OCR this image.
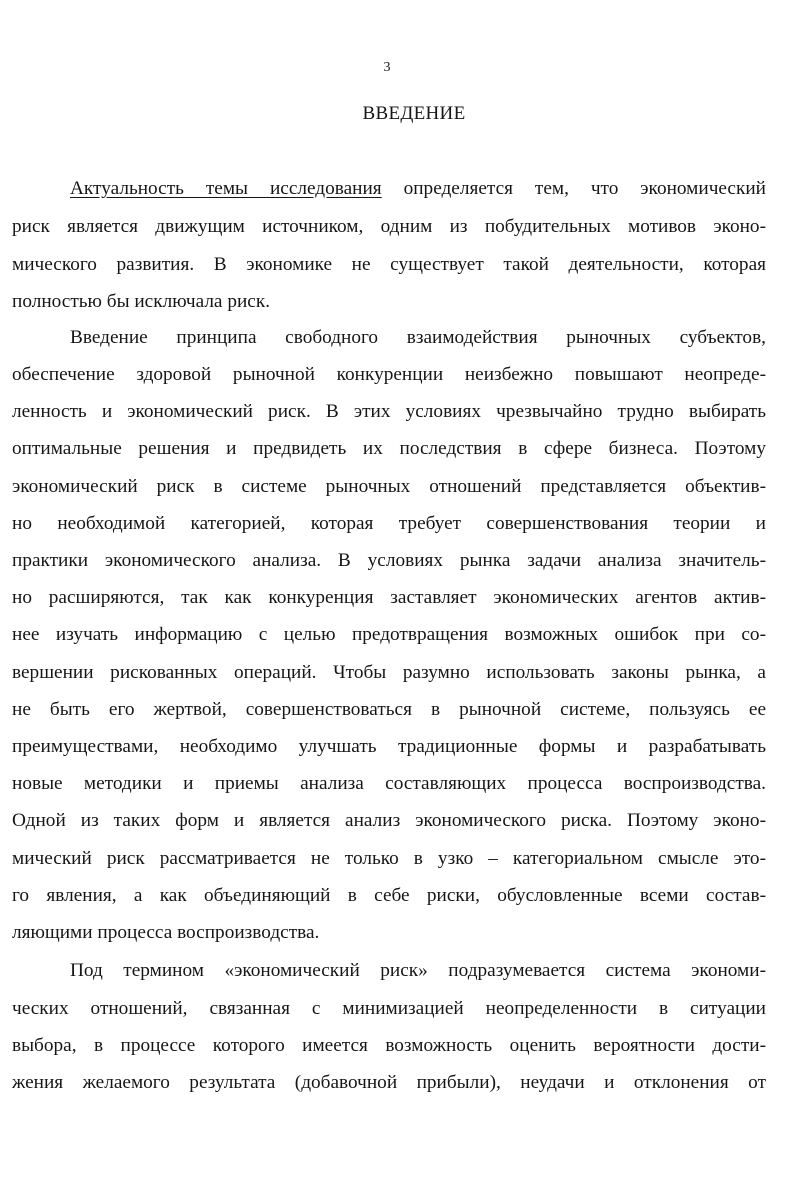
3
ВВЕДЕНИЕ
Актуальность темы исследования определяется тем, что экономический
риск является движущим источником, одним из побудительных мотивов эконо-
мического развития. В экономике не существует такой деятельности, которая
полностью бы исключала риск.
Введение принципа свободного взаимодействия рыночных субъектов,
обеспечение здоровой рыночной конкуренции неизбежно повышают неопреде-
ленность и экономический риск. В этих условиях чрезвычайно трудно выбирать
оптимальные решения и предвидеть их последствия в сфере бизнеса. Поэтому
экономический риск в системе рыночных отношений представляется объектив-
но необходимой категорией, которая требует совершенствования теории и
практики экономического анализа. В условиях рынка задачи анализа значитель-
но расширяются, так как конкуренция заставляет экономических агентов актив-
нее изучать информацию с целью предотвращения возможных ошибок при со-
вершении рискованных операций. Чтобы разумно использовать законы рынка, а
не быть его жертвой, совершенствоваться в рыночной системе, пользуясь ее
преимуществами, необходимо улучшать традиционные формы и разрабатывать
новые методики и приемы анализа составляющих процесса воспроизводства.
Одной из таких форм и является анализ экономического риска. Поэтому эконо-
мический риск рассматривается не только в узко – категориальном смысле это-
го явления, а как объединяющий в себе риски, обусловленные всеми состав-
ляющими процесса воспроизводства.
Под термином «экономический риск» подразумевается система экономи-
ческих отношений, связанная с минимизацией неопределенности в ситуации
выбора, в процессе которого имеется возможность оценить вероятности дости-
жения желаемого результата (добавочной прибыли), неудачи и отклонения от
